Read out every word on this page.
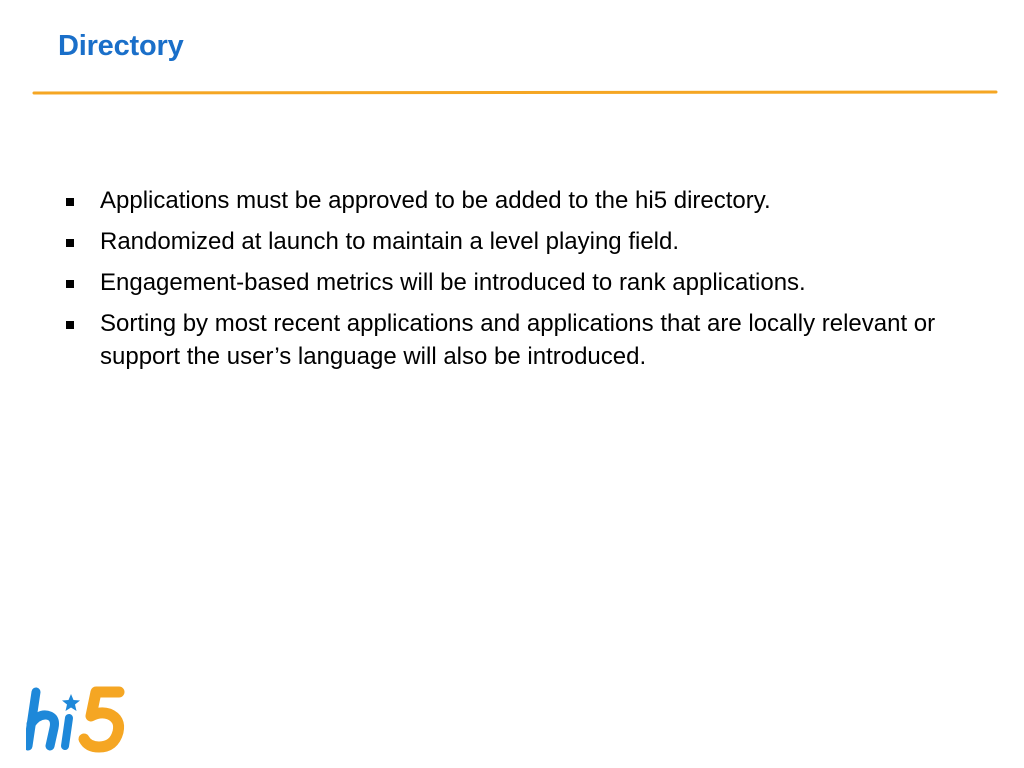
Directory
Applications must be approved to be added to the hi5 directory.
Randomized at launch to maintain a level playing field.
Engagement-based metrics will be introduced to rank applications.
Sorting by most recent applications and applications that are locally relevant or support the user’s language will also be introduced.
